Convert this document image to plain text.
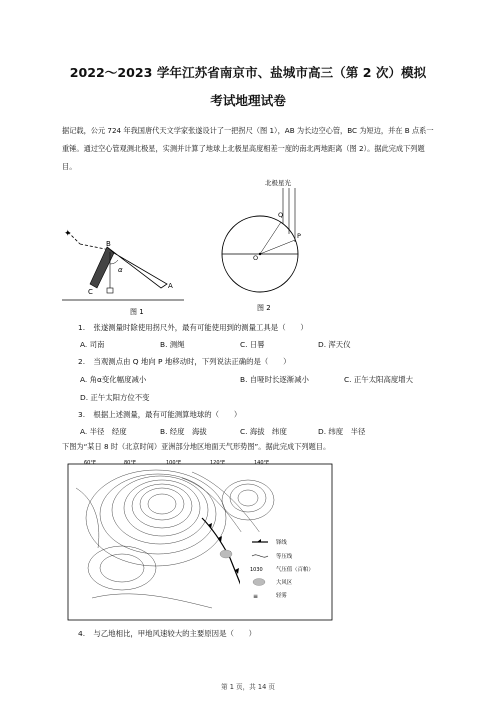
2022～2023 学年江苏省南京市、盐城市高三（第 2 次）模拟
考试地理试卷
据记载，公元 724 年我国唐代天文学家张遂设计了一把拐尺（图 1），AB 为长边空心管，BC 为短边，并在 B 点系一重锤。通过空心管观测北极星，实测并计算了地球上北极星高度相差一度的南北两地距离（图 2）。据此完成下列题目。
✦
B
C
A
α
图 1
北极星光
Q
P
O
图 2
1. 张遂测量时除使用拐尺外，最有可能使用到的测量工具是（　　）
A. 司南	B. 测绳	C. 日晷	D. 浑天仪
2. 当观测点由 Q 地向 P 地移动时，下列说法正确的是（　　）
A. 角α变化幅度减小	B. 自哑时长逐渐减小	C. 正午太阳高度增大
D. 正午太阳方位不变
3. 根据上述测量，最有可能测算地球的（　　）
A. 半径　经度	B. 经度　海拔	C. 海拔　纬度	D. 纬度　半径
下图为“某日 8 时（北京时间）亚洲部分地区地面天气形势图”。据此完成下列题目。
60°E	80°E	100°E	120°E	140°E
锋线
等压线
1030 气压值（百帕）
大风区
≡	轻雾
4. 与乙地相比，甲地风速较大的主要原因是（　　）
第 1 页，共 14 页
